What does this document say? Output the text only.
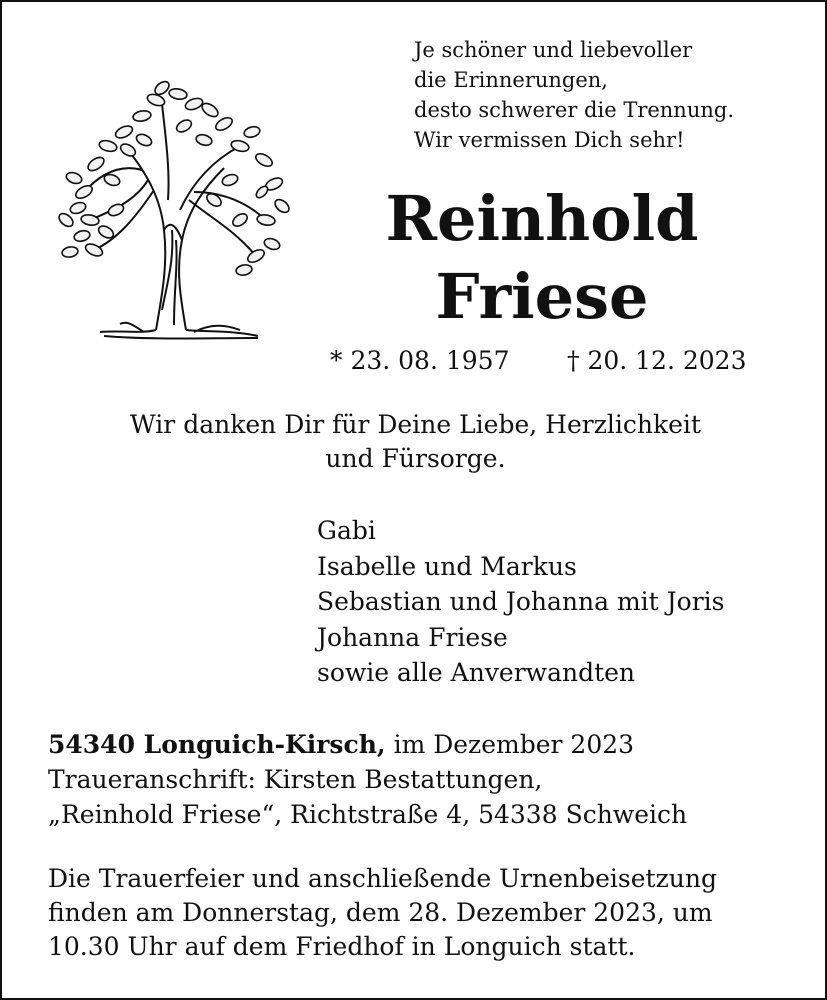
Je schöner und liebevoller
die Erinnerungen,
desto schwerer die Trennung.
Wir vermissen Dich sehr!
Reinhold
Friese
* 23. 08. 1957 † 20. 12. 2023
Wir danken Dir für Deine Liebe, Herzlichkeit
und Fürsorge.
Gabi
Isabelle und Markus
Sebastian und Johanna mit Joris
Johanna Friese
sowie alle Anverwandten
54340 Longuich-Kirsch, im Dezember 2023
Traueranschrift: Kirsten Bestattungen,
„Reinhold Friese“, Richtstraße 4, 54338 Schweich
Die Trauerfeier und anschließende Urnenbeisetzung
finden am Donnerstag, dem 28. Dezember 2023, um
10.30 Uhr auf dem Friedhof in Longuich statt.
